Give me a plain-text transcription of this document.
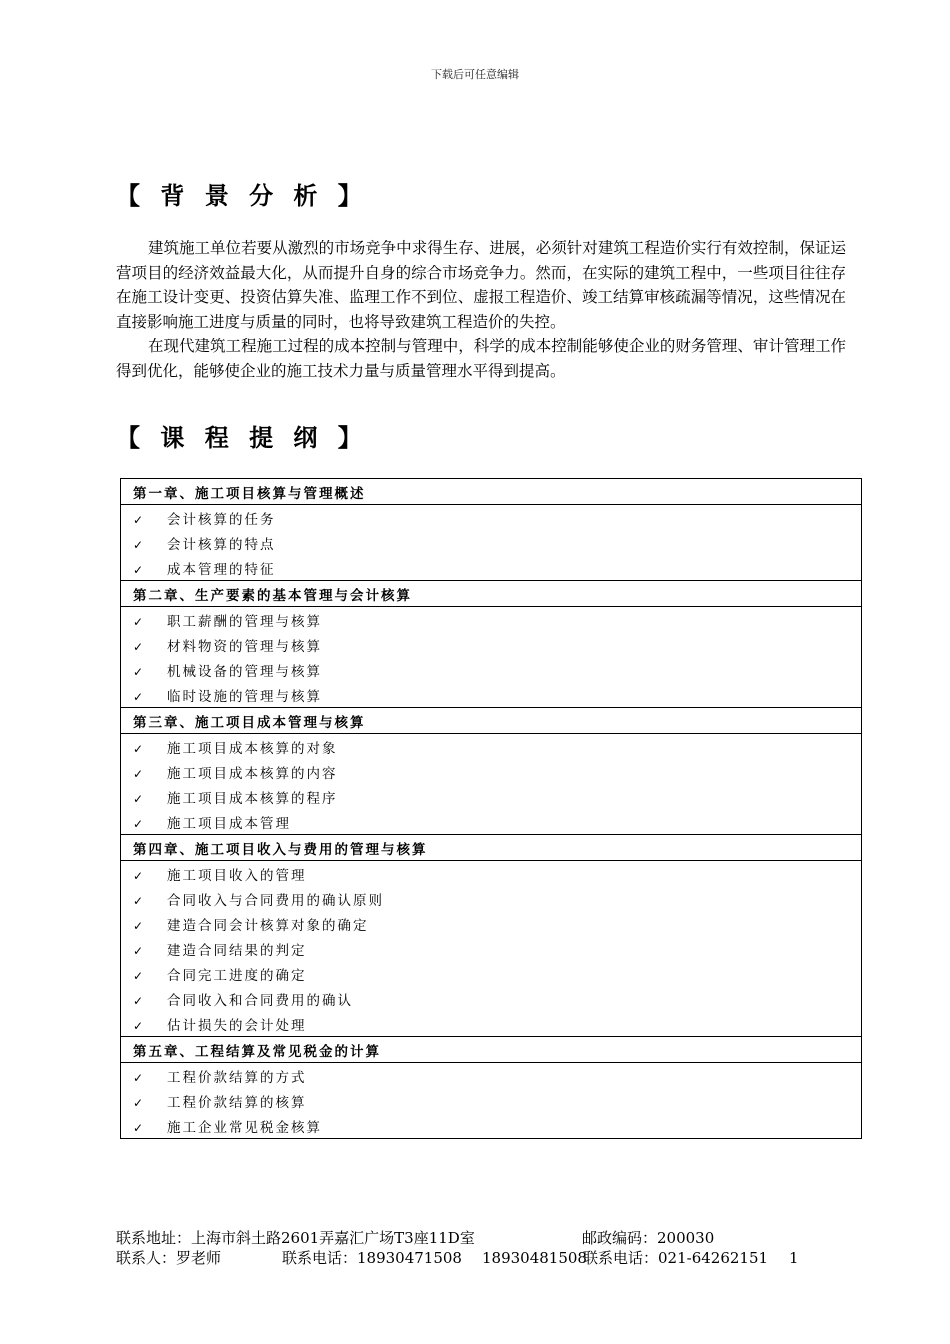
下载后可任意编辑
【 背 景 分 析 】

建筑施工单位若要从激烈的市场竞争中求得生存、进展，必须针对建筑工程造价实行有效控制，保证运营项目的经济效益最大化，从而提升自身的综合市场竞争力。然而，在实际的建筑工程中，一些项目往往存在施工设计变更、投资估算失准、监理工作不到位、虚报工程造价、竣工结算审核疏漏等情况，这些情况在直接影响施工进度与质量的同时，也将导致建筑工程造价的失控。

在现代建筑工程施工过程的成本控制与管理中，科学的成本控制能够使企业的财务管理、审计管理工作得到优化，能够使企业的施工技术力量与质量管理水平得到提高。

【 课 程 提 纲 】
第一章、施工项目核算与管理概述
✓ 会计核算的任务
✓ 会计核算的特点
✓ 成本管理的特征
第二章、生产要素的基本管理与会计核算
✓ 职工薪酬的管理与核算
✓ 材料物资的管理与核算
✓ 机械设备的管理与核算
✓ 临时设施的管理与核算
第三章、施工项目成本管理与核算
✓ 施工项目成本核算的对象
✓ 施工项目成本核算的内容
✓ 施工项目成本核算的程序
✓ 施工项目成本管理
第四章、施工项目收入与费用的管理与核算
✓ 施工项目收入的管理
✓ 合同收入与合同费用的确认原则
✓ 建造合同会计核算对象的确定
✓ 建造合同结果的判定
✓ 合同完工进度的确定
✓ 合同收入和合同费用的确认
✓ 估计损失的会计处理
第五章、工程结算及常见税金的计算
✓ 工程价款结算的方式
✓ 工程价款结算的核算
✓ 施工企业常见税金核算
联系地址：上海市斜土路2601弄嘉汇广场T3座11D室	邮政编码：200030
联系人：罗老师	联系电话：18930471508 18930481508联系电话：021-64262151 1
